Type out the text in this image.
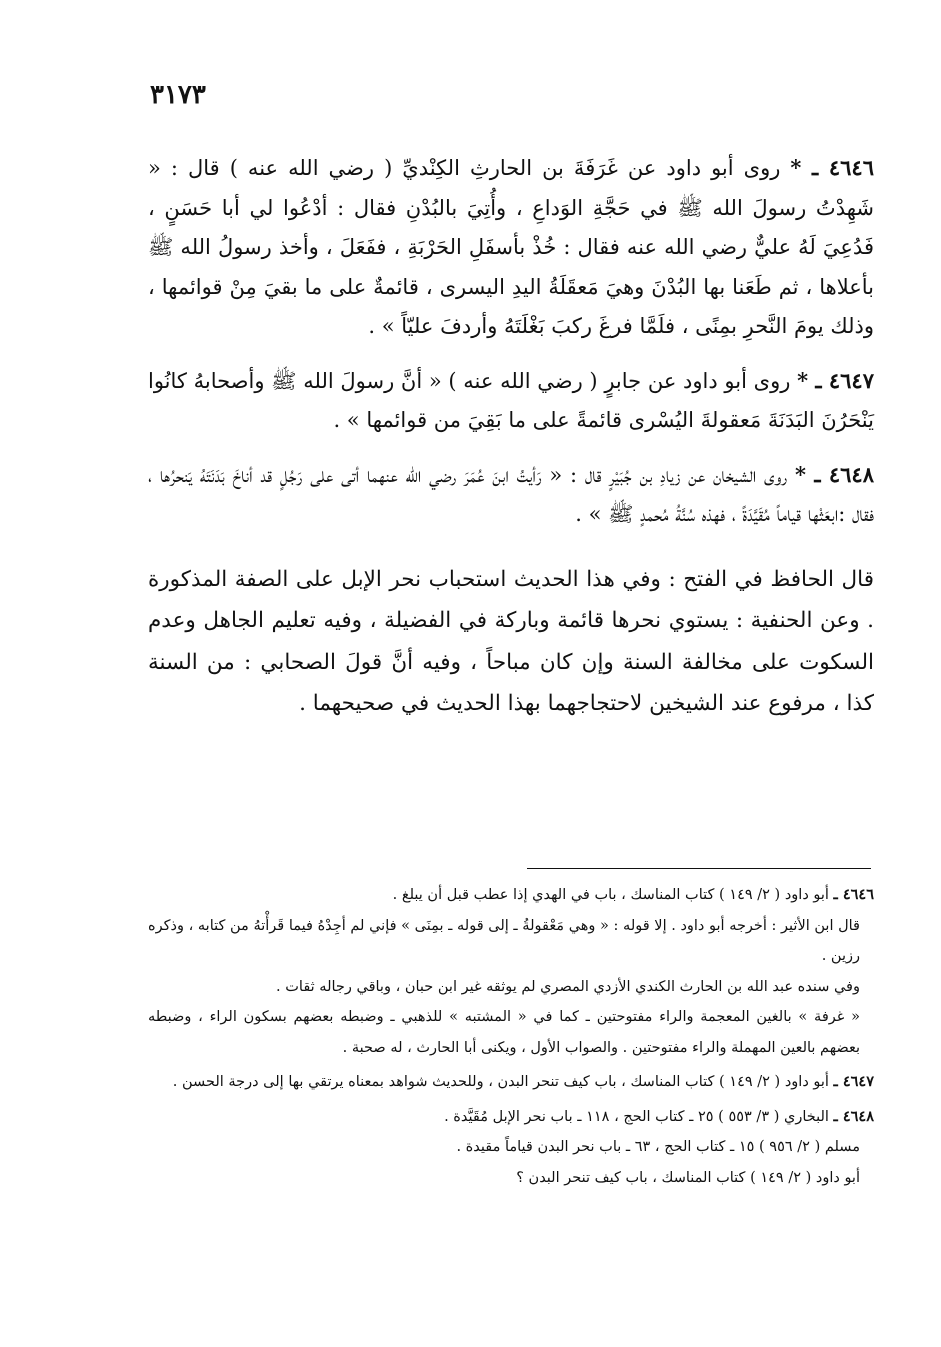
٣١٧٣

٤٦٤٦ ـ * روى أبو داود عن غَرَفَةَ بن الحارثِ الكِنْديِّ ( رضي الله عنه ) قال : « شَهِدْتُ رسولَ الله ﷺ في حَجَّةِ الوَداعِ ، وأُتِيَ بالبُدْنِ فقال : أدْعُوا لي أبا حَسَنٍ ، فَدُعِيَ لَهُ عليٌّ رضي الله عنه فقال : خُذْ بأسفَلِ الحَرْبَةِ ، ففَعَلَ ، وأخذ رسولُ الله ﷺ بأعلاها ، ثم طَعَنا بها البُدْنَ وهيَ مَعقَلَةُ اليدِ اليسرى ، قائمةٌ على ما بقيَ مِنْ قوائمها ، وذلك يومَ النَّحرِ بمِنًى ، فلَمَّا فرغَ ركبَ بَغْلَتَهُ وأردفَ عليّاً » .

٤٦٤٧ ـ * روى أبو داود عن جابرٍ ( رضي الله عنه ) « أنَّ رسولَ الله ﷺ وأصحابهُ كانُوا يَنْحَرُنَ البَدَنَةَ مَعقولةَ اليُسْرى قائمةً على ما بَقِيَ من قوائمها » .

٤٦٤٨ ـ * روى الشيخان عن زيادِ بن جُبَيْرٍ قال : « رَأيتُ ابنَ عُمَرَ رضي الله عنهما أتى على رَجُلٍ قد أناخَ بَدَنَتَهُ يَنحرُها ، فقال :ابعَثْها قياماً مُقَيَّدَةً ، فهذه سُنَّةُ مُحمدٍ ﷺ » .

قال الحافظ في الفتح : وفي هذا الحديث استحباب نحر الإبل على الصفة المذكورة . وعن الحنفية : يستوي نحرها قائمة وباركة في الفضيلة ، وفيه تعليم الجاهل وعدم السكوت على مخالفة السنة وإن كان مباحاً ، وفيه أنَّ قولَ الصحابي : من السنة كذا ، مرفوع عند الشيخين لاحتجاجهما بهذا الحديث في صحيحهما .

٤٦٤٦ ـ أبو داود ( ٢/ ١٤٩ ) كتاب المناسك ، باب في الهدي إذا عطب قبل أن يبلغ .

قال ابن الأثير : أخرجه أبو داود . إلا قوله : « وهي مَعْقولةُ ـ إلى قوله ـ بمِنَى » فإني لم أجِدْهُ فيما قَرأْتهُ من كتابه ، وذكره رزين .

وفي سنده عبد الله بن الحارث الكندي الأزدي المصري لم يوثقه غير ابن حبان ، وباقي رجاله ثقات .

« غرفة » بالغين المعجمة والراء مفتوحتين ـ كما في « المشتبه » للذهبي ـ وضبطه بعضهم بسكون الراء ، وضبطه بعضهم بالعين المهملة والراء مفتوحتين . والصواب الأول ، ويكنى أبا الحارث ، له صحبة .

٤٦٤٧ ـ أبو داود ( ٢/ ١٤٩ ) كتاب المناسك ، باب كيف تنحر البدن ، وللحديث شواهد بمعناه يرتقي بها إلى درجة الحسن .

٤٦٤٨ ـ البخاري ( ٣/ ٥٥٣ ) ٢٥ ـ كتاب الحج ، ١١٨ ـ باب نحر الإبل مُقَيَّدة .

مسلم ( ٢/ ٩٥٦ ) ١٥ ـ كتاب الحج ، ٦٣ ـ باب نحر البدن قياماً مقيدة .

أبو داود ( ٢/ ١٤٩ ) كتاب المناسك ، باب كيف تنحر البدن ؟
